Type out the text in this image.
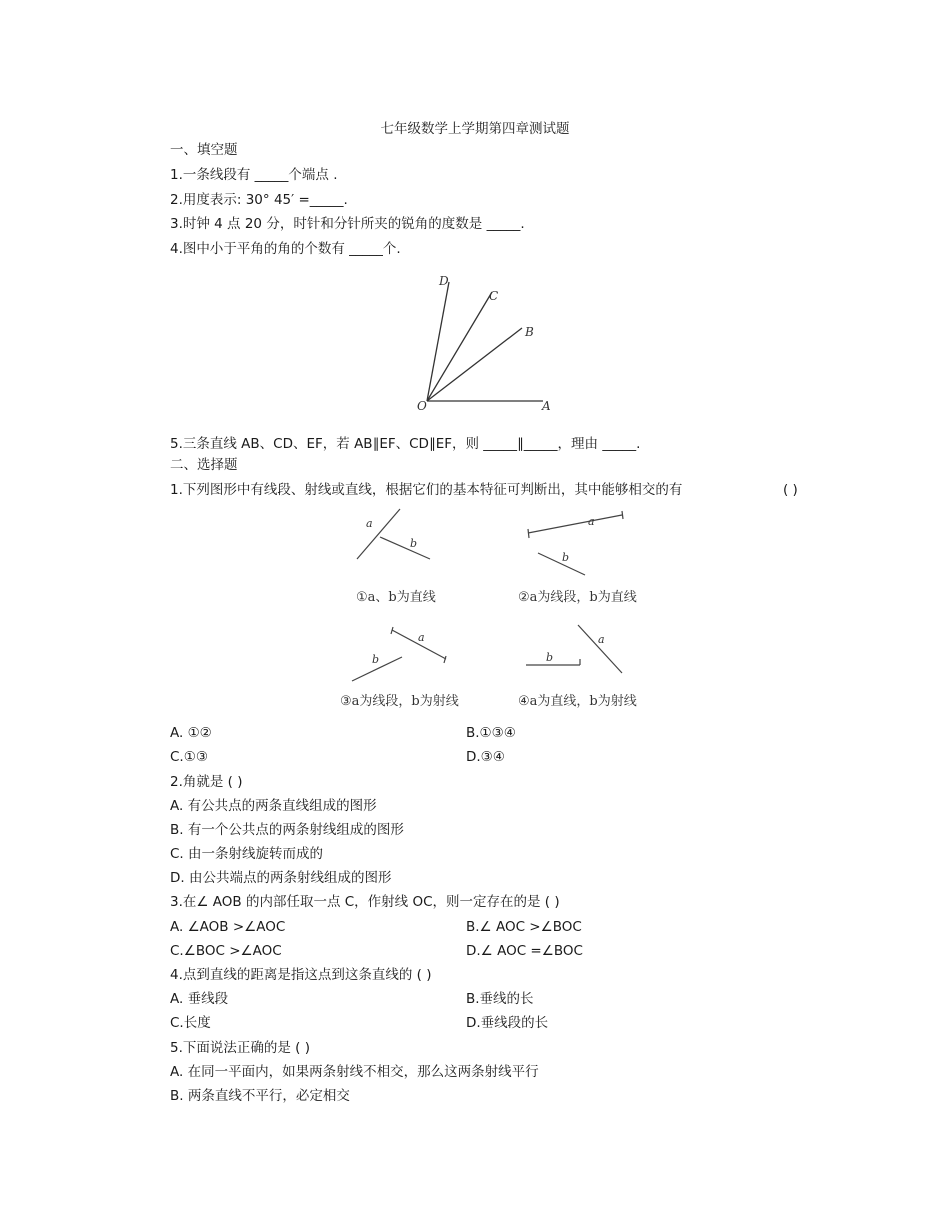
七年级数学上学期第四章测试题
一、填空题
1.一条线段有 _____个端点 .
2.用度表示: 30° 45′ =_____.
3.时钟 4 点 20 分，时针和分针所夹的锐角的度数是 _____.
4.图中小于平角的角的个数有 _____个.
D
C
B
O	A
5.三条直线 AB、CD、EF，若 AB∥EF、CD∥EF，则 _____∥_____，理由 _____.
二、选择题
1.下列图形中有线段、射线或直线，根据它们的基本特征可判断出，其中能够相交的有	( )
a
b
a
b
a
b
a
b
①a、b为直线	②a为线段，b为直线
③a为线段，b为射线	④a为直线，b为射线
A. ①②	B.①③④
C.①③	D.③④
2.角就是 ( )
A. 有公共点的两条直线组成的图形
B. 有一个公共点的两条射线组成的图形
C. 由一条射线旋转而成的
D. 由公共端点的两条射线组成的图形
3.在∠ AOB 的内部任取一点 C，作射线 OC，则一定存在的是 ( )
A. ∠AOB >∠AOC	B.∠ AOC >∠BOC
C.∠BOC >∠AOC	D.∠ AOC =∠BOC
4.点到直线的距离是指这点到这条直线的 ( )
A. 垂线段	B.垂线的长
C.长度	D.垂线段的长
5.下面说法正确的是 ( )
A. 在同一平面内，如果两条射线不相交，那么这两条射线平行
B. 两条直线不平行，必定相交
